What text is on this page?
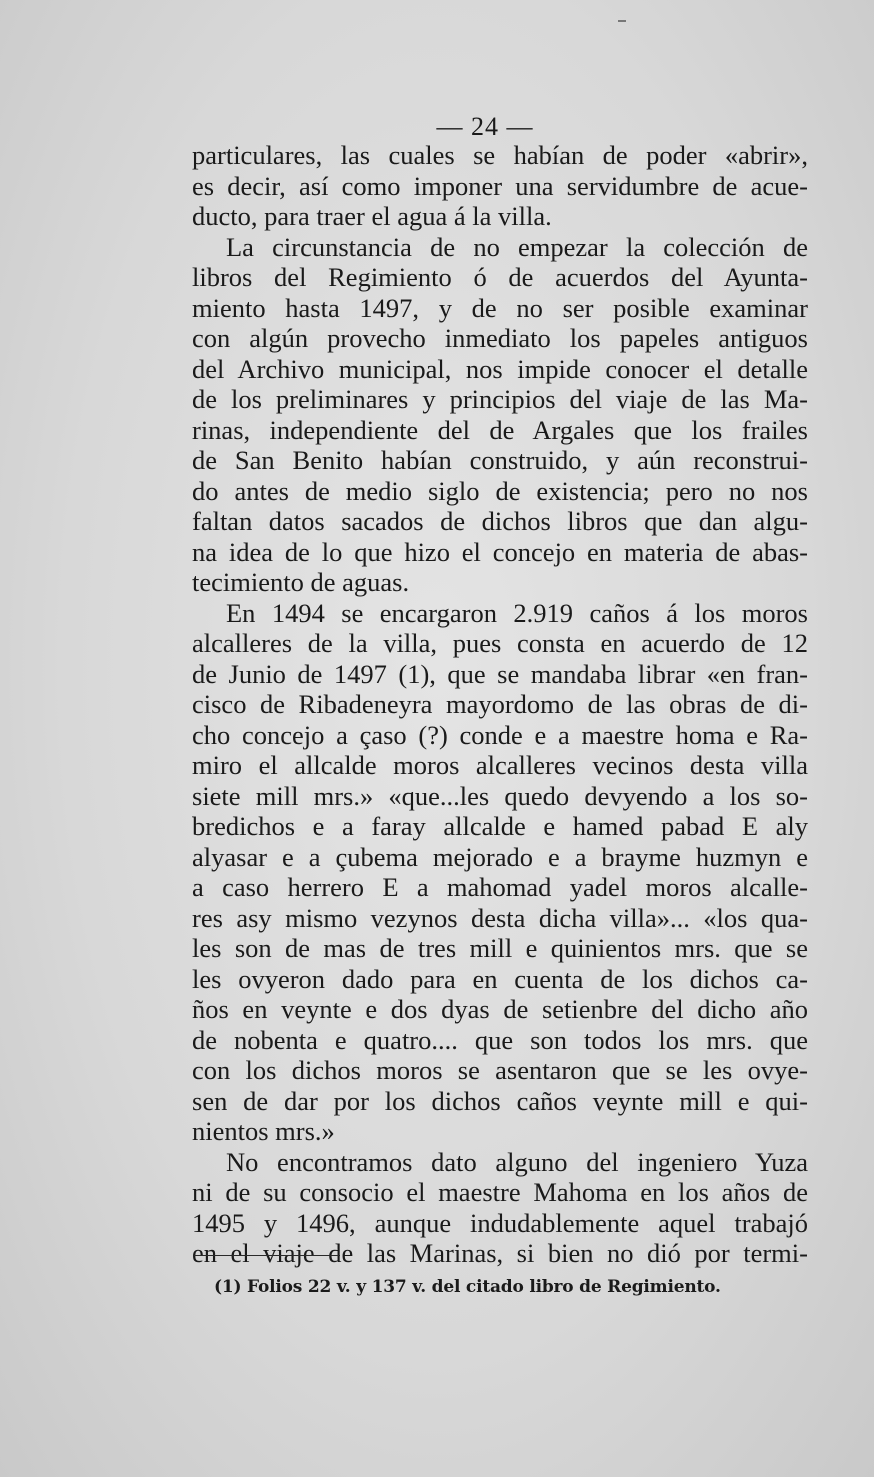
— 24 —
particulares, las cuales se habían de poder «abrir»,
es decir, así como imponer una servidumbre de acue-
ducto, para traer el agua á la villa.
La circunstancia de no empezar la colección de
libros del Regimiento ó de acuerdos del Ayunta-
miento hasta 1497, y de no ser posible examinar
con algún provecho inmediato los papeles antiguos
del Archivo municipal, nos impide conocer el detalle
de los preliminares y principios del viaje de las Ma-
rinas, independiente del de Argales que los frailes
de San Benito habían construido, y aún reconstrui-
do antes de medio siglo de existencia; pero no nos
faltan datos sacados de dichos libros que dan algu-
na idea de lo que hizo el concejo en materia de abas-
tecimiento de aguas.
En 1494 se encargaron 2.919 caños á los moros
alcalleres de la villa, pues consta en acuerdo de 12
de Junio de 1497 (1), que se mandaba librar «en fran-
cisco de Ribadeneyra mayordomo de las obras de di-
cho concejo a çaso (?) conde e a maestre homa e Ra-
miro el allcalde moros alcalleres vecinos desta villa
siete mill mrs.» «que...les quedo devyendo a los so-
bredichos e a faray allcalde e hamed pabad E aly
alyasar e a çubema mejorado e a brayme huzmyn e
a caso herrero E a mahomad yadel moros alcalle-
res asy mismo vezynos desta dicha villa»... «los qua-
les son de mas de tres mill e quinientos mrs. que se
les ovyeron dado para en cuenta de los dichos ca-
ños en veynte e dos dyas de setienbre del dicho año
de nobenta e quatro.... que son todos los mrs. que
con los dichos moros se asentaron que se les ovye-
sen de dar por los dichos caños veynte mill e qui-
nientos mrs.»
No encontramos dato alguno del ingeniero Yuza
ni de su consocio el maestre Mahoma en los años de
1495 y 1496, aunque indudablemente aquel trabajó
en el viaje de las Marinas, si bien no dió por termi-
(1) Folios 22 v. y 137 v. del citado libro de Regimiento.
